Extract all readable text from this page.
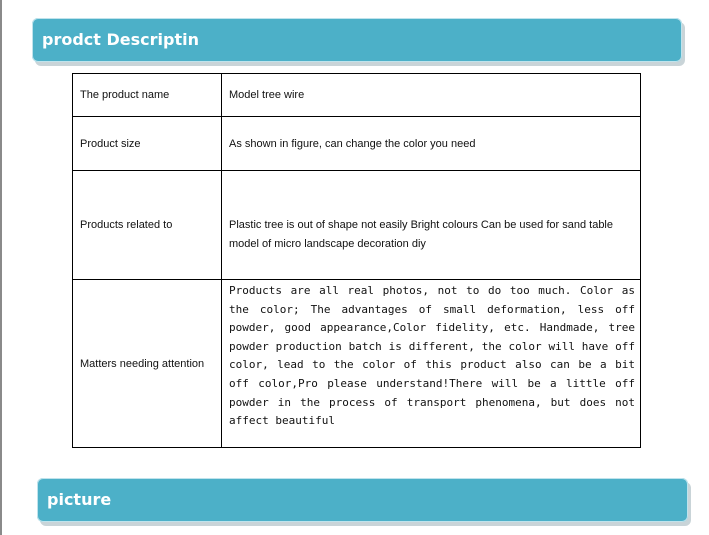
prodct Descriptin
The product name	Model tree wire
Product size	As shown in figure, can change the color you need
Products related to	Plastic tree is out of shape not easily Bright colours Can be used for sand table model of micro landscape decoration diy
Matters needing attention	Products are all real photos, not to do too much. Color as the color; The advantages of small deformation, less off powder, good appearance,Color fidelity, etc. Handmade, tree powder production batch is different, the color will have off color, lead to the color of this product also can be a bit off color,Pro please understand!There will be a little off powder in the process of transport phenomena, but does not affect beautiful
picture
